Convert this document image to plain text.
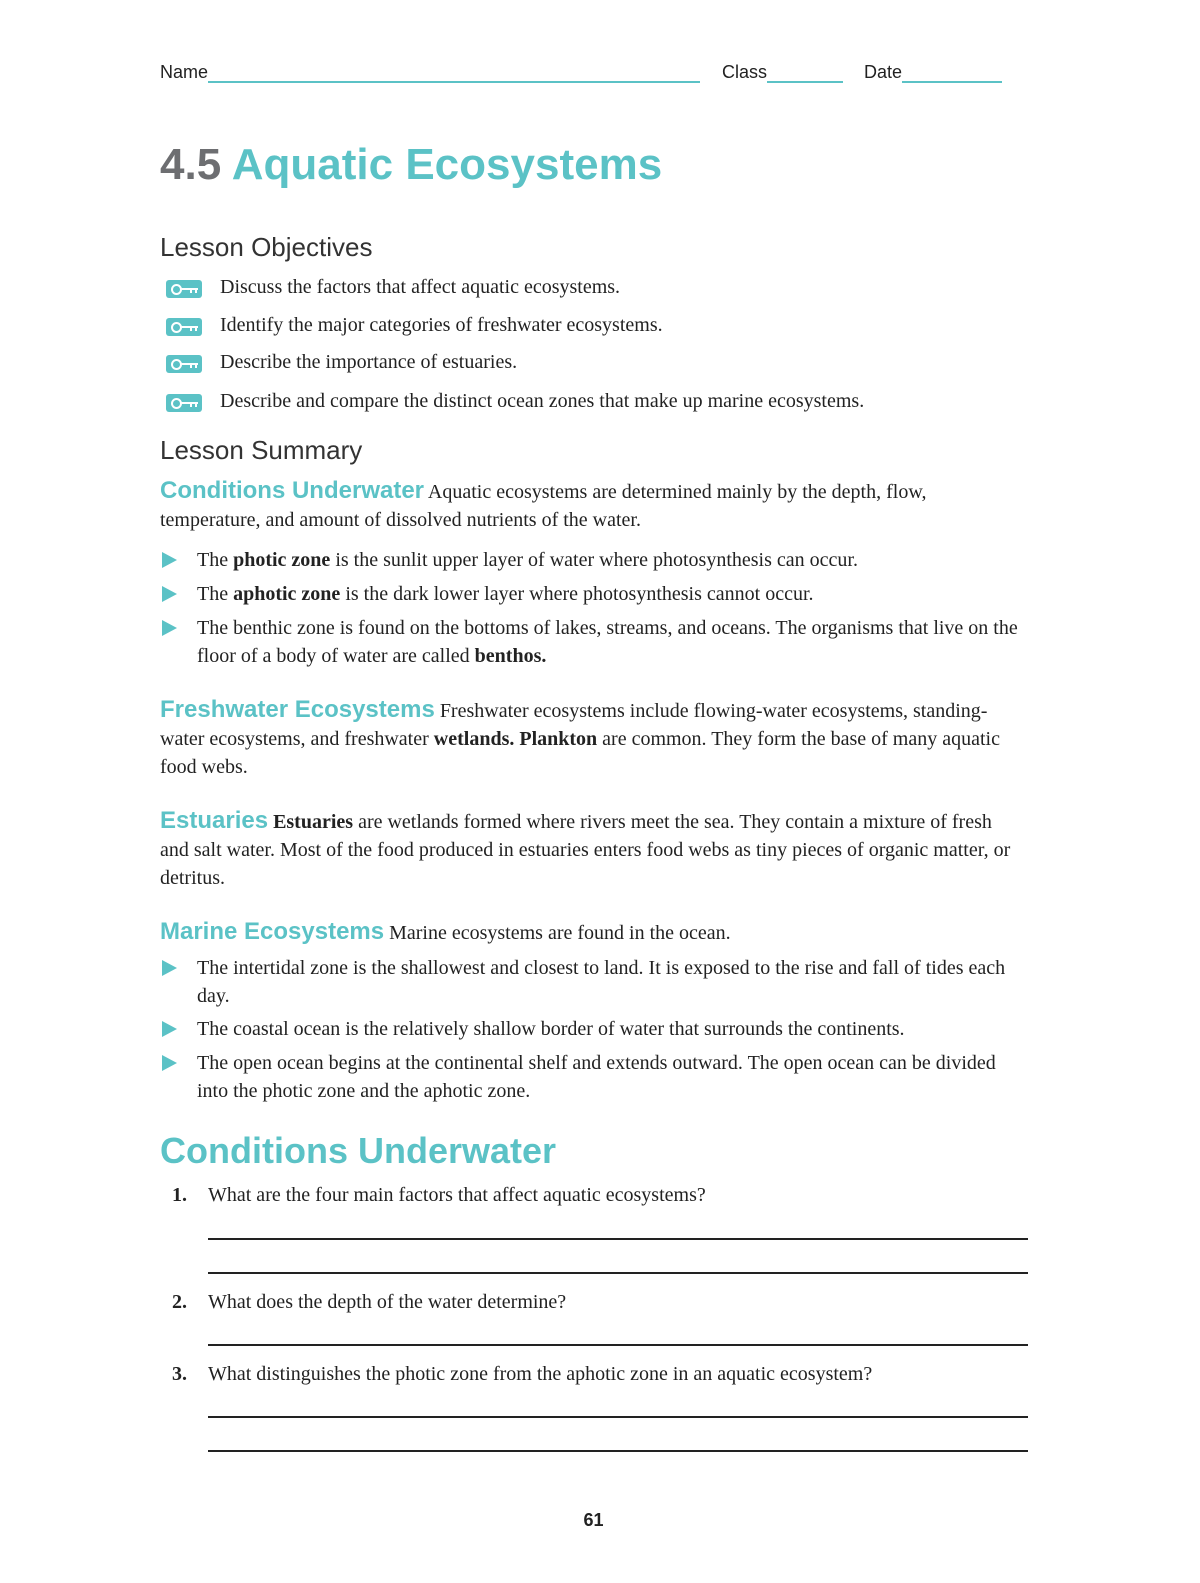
Name	Class	Date
4.5 Aquatic Ecosystems
Lesson Objectives
Discuss the factors that affect aquatic ecosystems.
Identify the major categories of freshwater ecosystems.
Describe the importance of estuaries.
Describe and compare the distinct ocean zones that make up marine ecosystems.
Lesson Summary
Conditions Underwater Aquatic ecosystems are determined mainly by the depth, flow, temperature, and amount of dissolved nutrients of the water.
The photic zone is the sunlit upper layer of water where photosynthesis can occur.
The aphotic zone is the dark lower layer where photosynthesis cannot occur.
The benthic zone is found on the bottoms of lakes, streams, and oceans. The organisms that live on the floor of a body of water are called benthos.
Freshwater Ecosystems Freshwater ecosystems include flowing-water ecosystems, standing-water ecosystems, and freshwater wetlands. Plankton are common. They form the base of many aquatic food webs.
Estuaries Estuaries are wetlands formed where rivers meet the sea. They contain a mixture of fresh and salt water. Most of the food produced in estuaries enters food webs as tiny pieces of organic matter, or detritus.
Marine Ecosystems Marine ecosystems are found in the ocean.
The intertidal zone is the shallowest and closest to land. It is exposed to the rise and fall of tides each day.
The coastal ocean is the relatively shallow border of water that surrounds the continents.
The open ocean begins at the continental shelf and extends outward. The open ocean can be divided into the photic zone and the aphotic zone.
Conditions Underwater
1. What are the four main factors that affect aquatic ecosystems?
2. What does the depth of the water determine?
3. What distinguishes the photic zone from the aphotic zone in an aquatic ecosystem?
61
